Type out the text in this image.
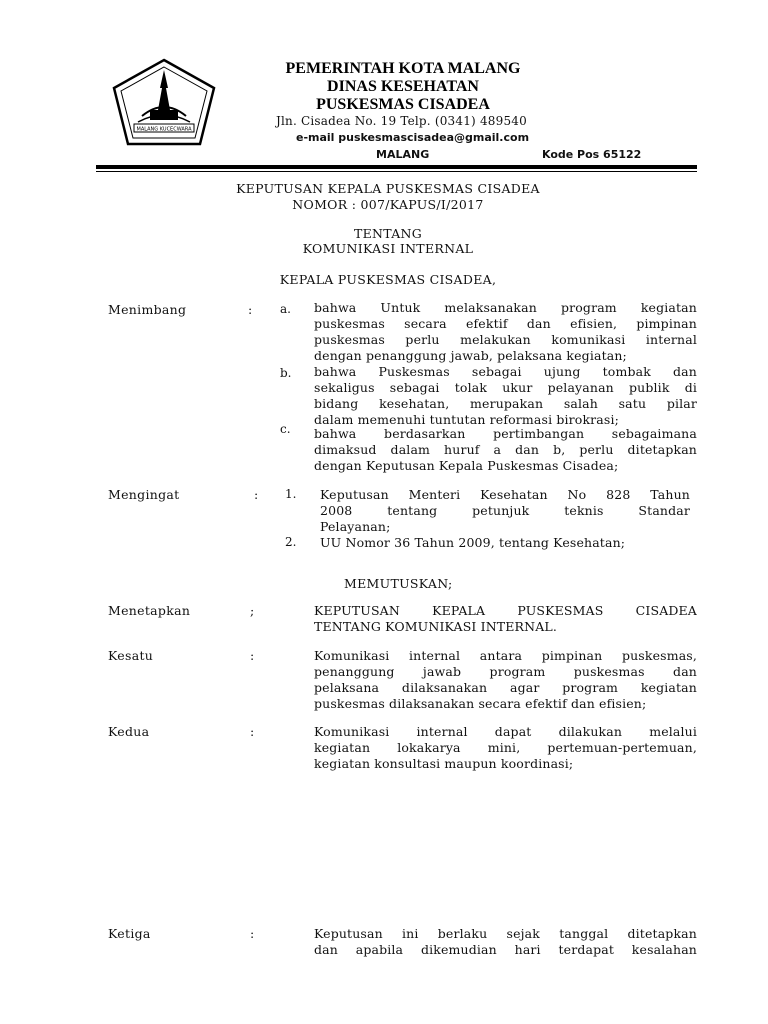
MALANG KUCECWARA
PEMERINTAH KOTA MALANG
DINAS KESEHATAN
PUSKESMAS CISADEA
Jln. Cisadea No. 19 Telp. (0341) 489540
e-mail puskesmascisadea@gmail.com
MALANG	Kode Pos 65122
KEPUTUSAN KEPALA PUSKESMAS CISADEA
NOMOR : 007/KAPUS/I/2017
TENTANG
KOMUNIKASI INTERNAL
KEPALA PUSKESMAS CISADEA,
Menimbang	: a. bahwa Untuk melaksanakan program kegiatan
puskesmas secara efektif dan efisien, pimpinan
puskesmas perlu melakukan komunikasi internal
dengan penanggung jawab, pelaksana kegiatan;
b. bahwa Puskesmas sebagai ujung tombak dan
sekaligus sebagai tolak ukur pelayanan publik di
bidang kesehatan, merupakan salah satu pilar
dalam memenuhi tuntutan reformasi birokrasi;
c. bahwa berdasarkan pertimbangan sebagaimana
dimaksud dalam huruf a dan b, perlu ditetapkan
dengan Keputusan Kepala Puskesmas Cisadea;
Mengingat	: 1. Keputusan Menteri Kesehatan No 828 Tahun
2008 tentang petunjuk teknis Standar
Pelayanan;
2. UU Nomor 36 Tahun 2009, tentang Kesehatan;
MEMUTUSKAN;
Menetapkan	;	KEPUTUSAN KEPALA PUSKESMAS CISADEA
TENTANG KOMUNIKASI INTERNAL.
Kesatu	:	Komunikasi internal antara pimpinan puskesmas,
penanggung jawab program puskesmas dan
pelaksana dilaksanakan agar program kegiatan
puskesmas dilaksanakan secara efektif dan efisien;
Kedua	:	Komunikasi internal dapat dilakukan melalui
kegiatan lokakarya mini, pertemuan-pertemuan,
kegiatan konsultasi maupun koordinasi;
Ketiga	:	Keputusan ini berlaku sejak tanggal ditetapkan
dan apabila dikemudian hari terdapat kesalahan
